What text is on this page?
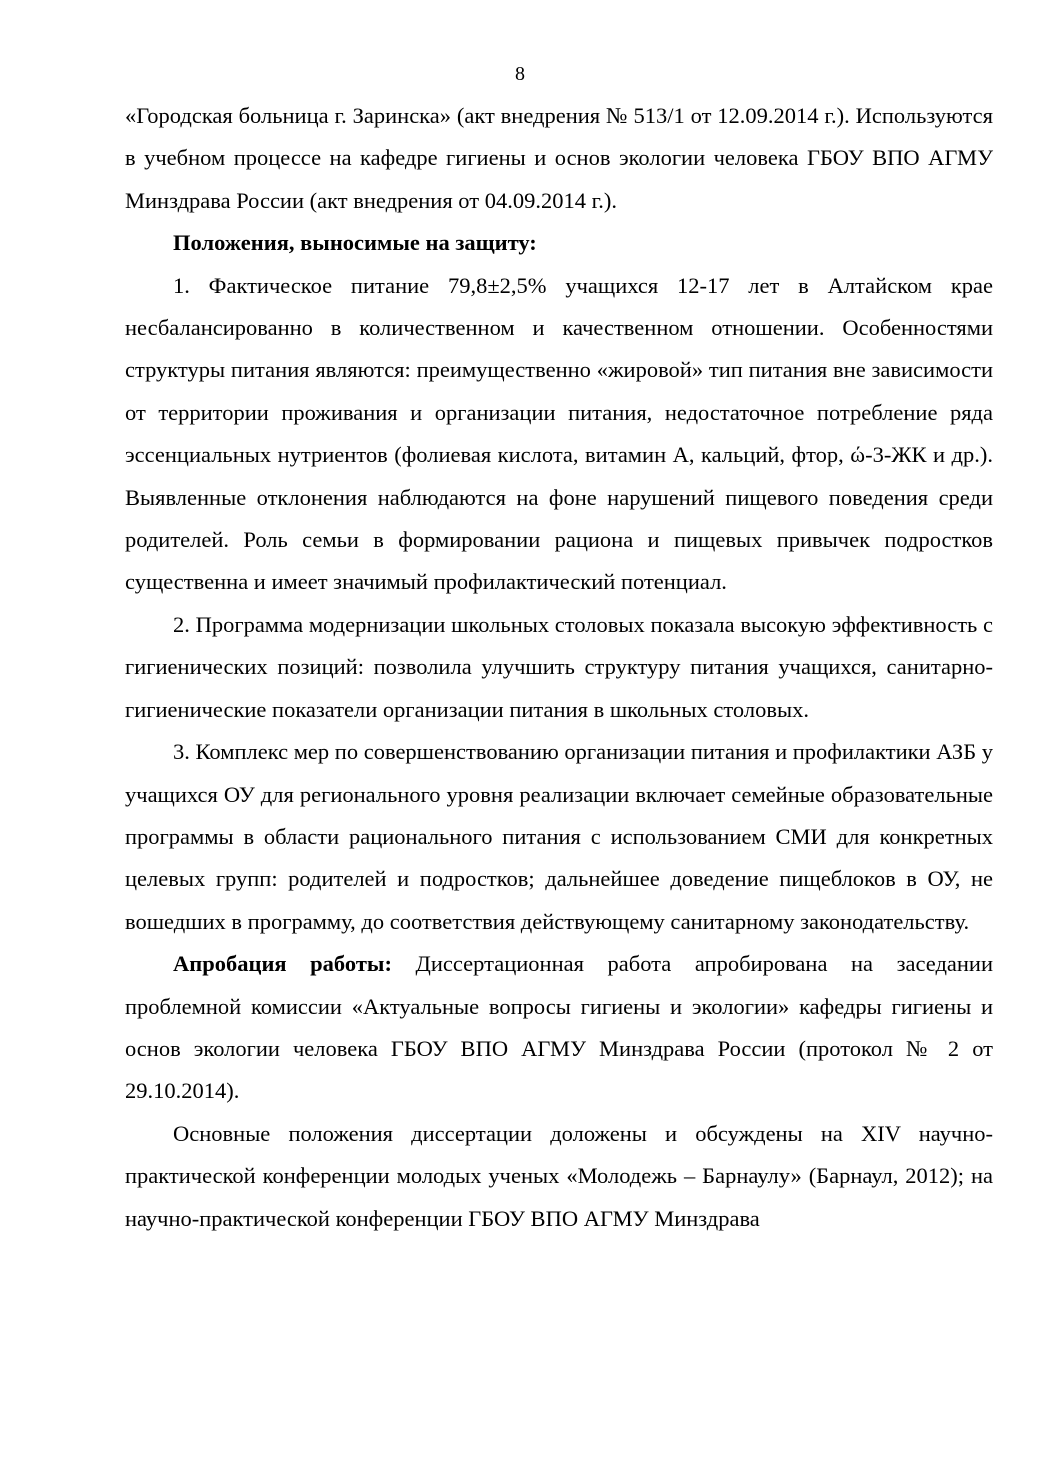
8

«Городская больница г. Заринска» (акт внедрения № 513/1 от 12.09.2014 г.). Используются в учебном процессе на кафедре гигиены и основ экологии человека ГБОУ ВПО АГМУ Минздрава России (акт внедрения от 04.09.2014 г.).

Положения, выносимые на защиту:

1. Фактическое питание 79,8±2,5% учащихся 12-17 лет в Алтайском крае несбалансированно в количественном и качественном отношении. Особенностями структуры питания являются: преимущественно «жировой» тип питания вне зависимости от территории проживания и организации питания, недостаточное потребление ряда эссенциальных нутриентов (фолиевая кислота, витамин А, кальций, фтор, ώ-3-ЖК и др.). Выявленные отклонения наблюдаются на фоне нарушений пищевого поведения среди родителей. Роль семьи в формировании рациона и пищевых привычек подростков существенна и имеет значимый профилактический потенциал.

2. Программа модернизации школьных столовых показала высокую эффективность с гигиенических позиций: позволила улучшить структуру питания учащихся, санитарно-гигиенические показатели организации питания в школьных столовых.

3. Комплекс мер по совершенствованию организации питания и профилактики АЗБ у учащихся ОУ для регионального уровня реализации включает семейные образовательные программы в области рационального питания с использованием СМИ для конкретных целевых групп: родителей и подростков; дальнейшее доведение пищеблоков в ОУ, не вошедших в программу, до соответствия действующему санитарному законодательству.

Апробация работы: Диссертационная работа апробирована на заседании проблемной комиссии «Актуальные вопросы гигиены и экологии» кафедры гигиены и основ экологии человека ГБОУ ВПО АГМУ Минздрава России (протокол № 2 от 29.10.2014).

Основные положения диссертации доложены и обсуждены на XIV научно-практической конференции молодых ученых «Молодежь – Барнаулу» (Барнаул, 2012); на научно-практической конференции ГБОУ ВПО АГМУ Минздрава
